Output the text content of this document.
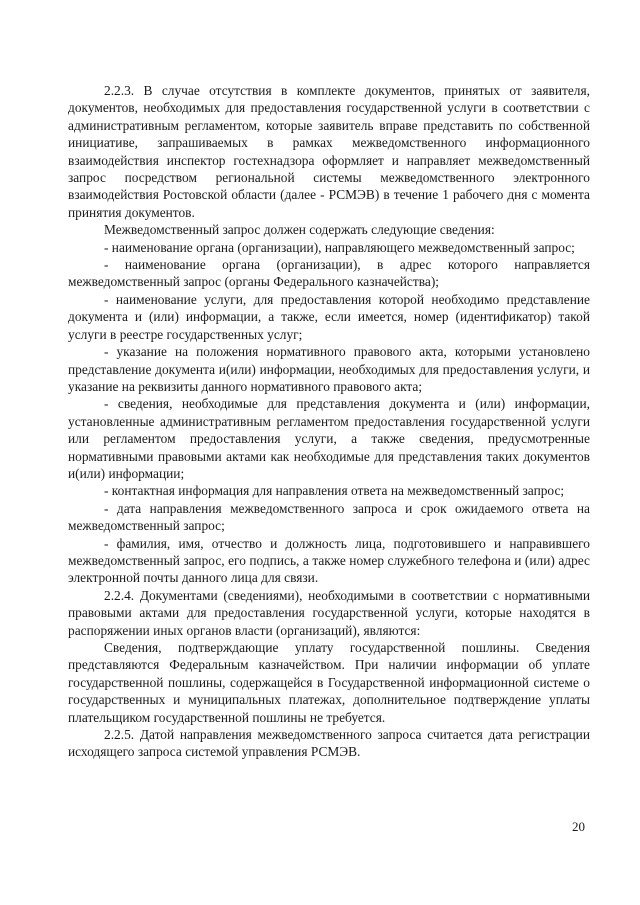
2.2.3. В случае отсутствия в комплекте документов, принятых от заявителя, документов, необходимых для предоставления государственной услуги в соответствии с административным регламентом, которые заявитель вправе представить по собственной инициативе, запрашиваемых в рамках межведомственного информационного взаимодействия инспектор гостехнадзора оформляет и направляет межведомственный запрос посредством региональной системы межведомственного электронного взаимодействия Ростовской области (далее - РСМЭВ) в течение 1 рабочего дня с момента принятия документов.

Межведомственный запрос должен содержать следующие сведения:

- наименование органа (организации), направляющего межведомственный запрос;

- наименование органа (организации), в адрес которого направляется межведомственный запрос (органы Федерального казначейства);

- наименование услуги, для предоставления которой необходимо представление документа и (или) информации, а также, если имеется, номер (идентификатор) такой услуги в реестре государственных услуг;

- указание на положения нормативного правового акта, которыми установлено представление документа и(или) информации, необходимых для предоставления услуги, и указание на реквизиты данного нормативного правового акта;

- сведения, необходимые для представления документа и (или) информации, установленные административным регламентом предоставления государственной услуги или регламентом предоставления услуги, а также сведения, предусмотренные нормативными правовыми актами как необходимые для представления таких документов и(или) информации;

- контактная информация для направления ответа на межведомственный запрос;

- дата направления межведомственного запроса и срок ожидаемого ответа на межведомственный запрос;

- фамилия, имя, отчество и должность лица, подготовившего и направившего межведомственный запрос, его подпись, а также номер служебного телефона и (или) адрес электронной почты данного лица для связи.

2.2.4. Документами (сведениями), необходимыми в соответствии с нормативными правовыми актами для предоставления государственной услуги, которые находятся в распоряжении иных органов власти (организаций), являются:

Сведения, подтверждающие уплату государственной пошлины. Сведения представляются Федеральным казначейством. При наличии информации об уплате государственной пошлины, содержащейся в Государственной информационной системе о государственных и муниципальных платежах, дополнительное подтверждение уплаты плательщиком государственной пошлины не требуется.

2.2.5. Датой направления межведомственного запроса считается дата регистрации исходящего запроса системой управления РСМЭВ.

20
